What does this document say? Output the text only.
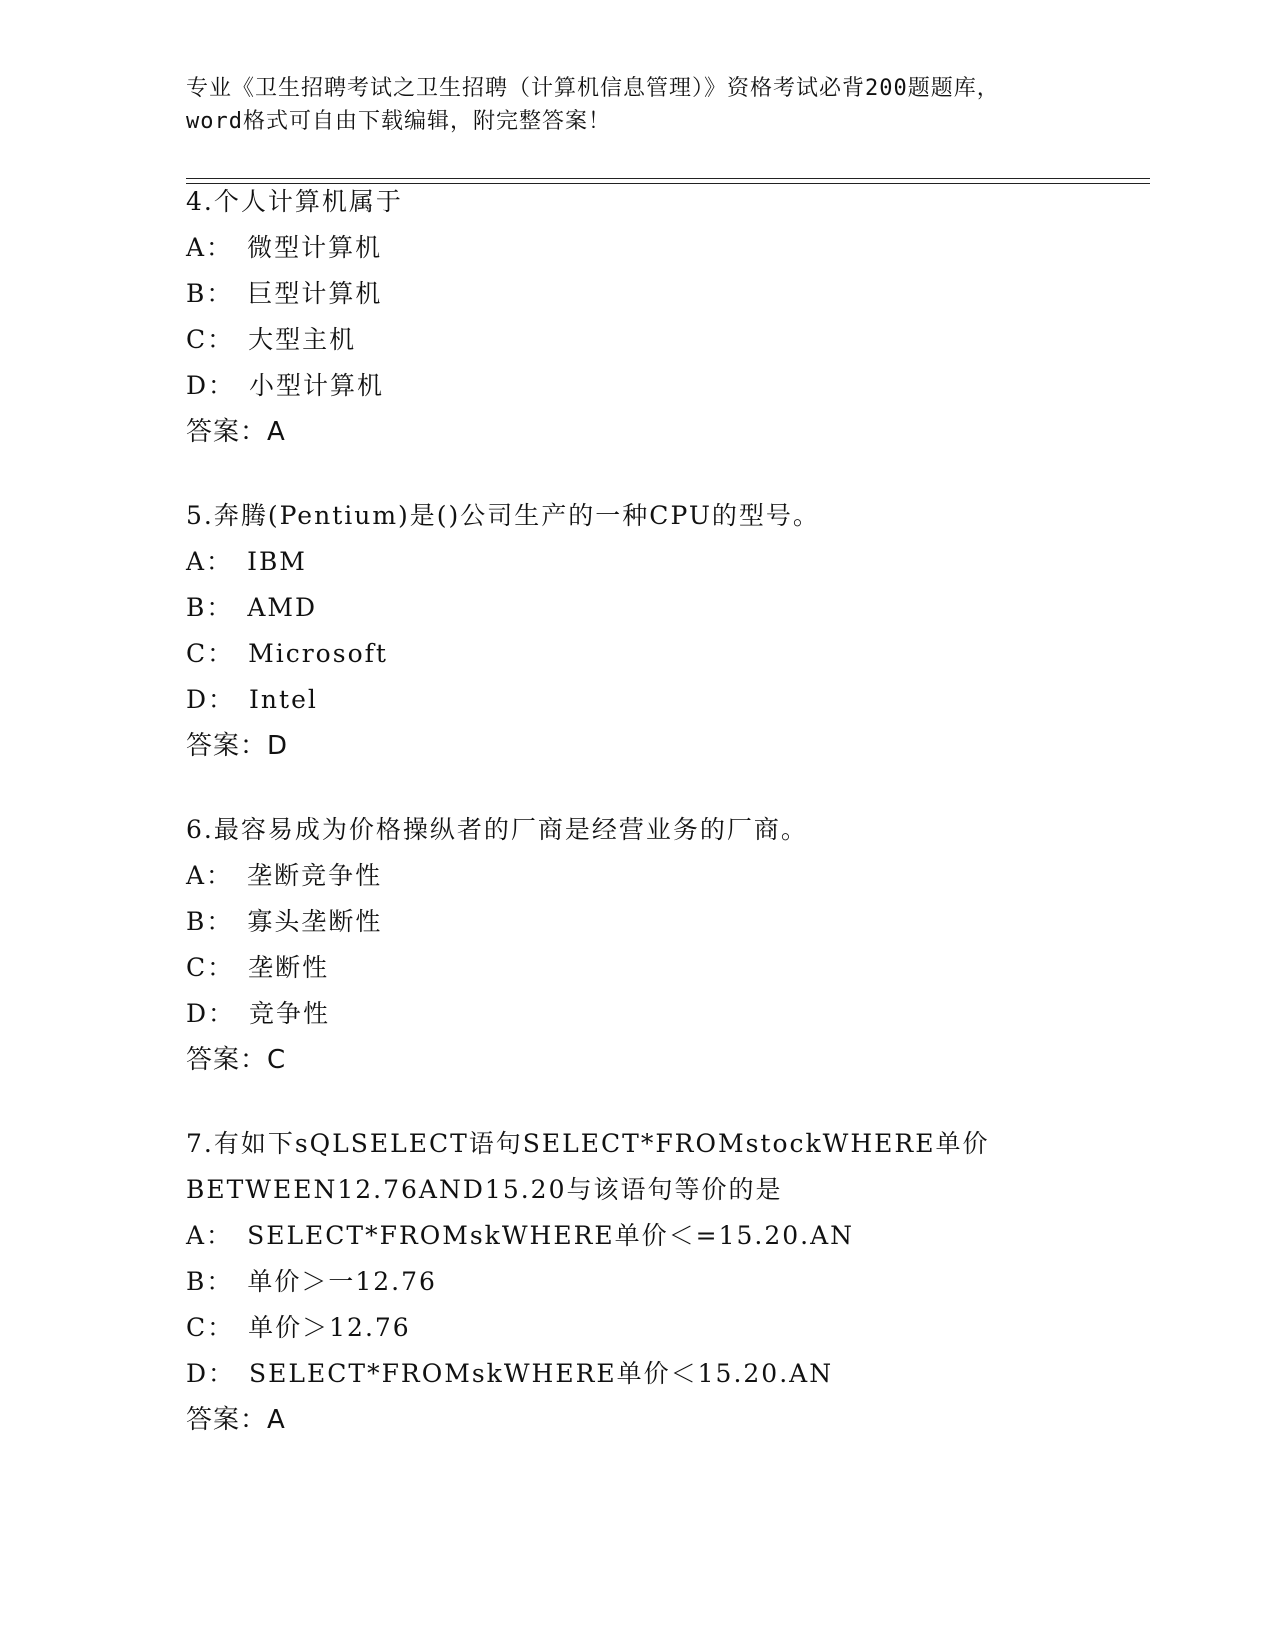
专业《卫生招聘考试之卫生招聘（计算机信息管理）》资格考试必背200题题库，
word格式可自由下载编辑，附完整答案！
4.个人计算机属于
A： 微型计算机
B： 巨型计算机
C： 大型主机
D： 小型计算机
答案：A
5.奔腾(Pentium)是()公司生产的一种CPU的型号。
A： IBM
B： AMD
C： Microsoft
D： Intel
答案：D
6.最容易成为价格操纵者的厂商是经营业务的厂商。
A： 垄断竞争性
B： 寡头垄断性
C： 垄断性
D： 竞争性
答案：C
7.有如下sQLSELECT语句SELECT*FROMstockWHERE单价
BETWEEN12.76AND15.20与该语句等价的是
A： SELECT*FROMskWHERE单价＜=15.20.AN
B： 单价＞一12.76
C： 单价＞12.76
D： SELECT*FROMskWHERE单价＜15.20.AN
答案：A
